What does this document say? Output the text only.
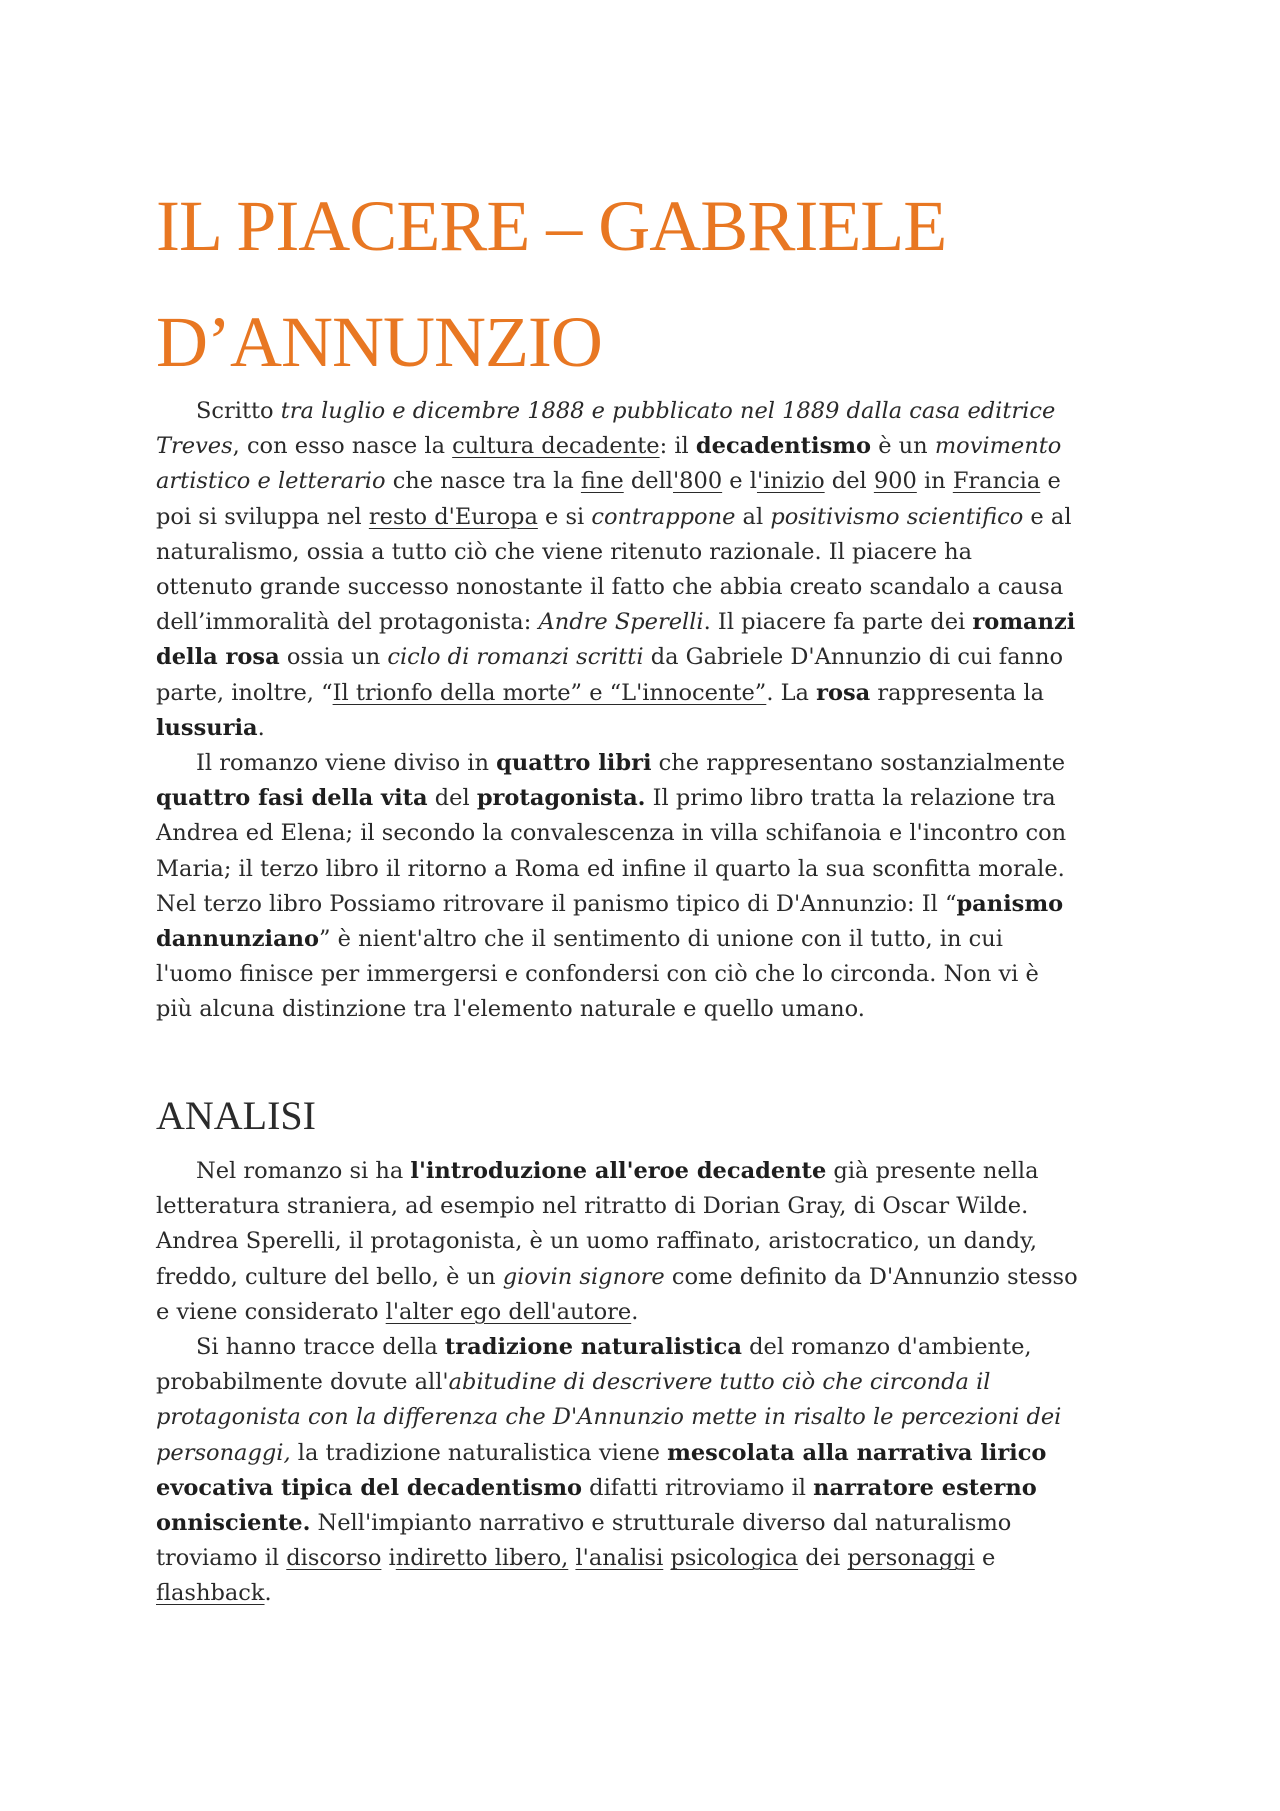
IL PIACERE – GABRIELE
D’ANNUNZIO
Scritto tra luglio e dicembre 1888 e pubblicato nel 1889 dalla casa editrice
Treves, con esso nasce la cultura decadente: il decadentismo è un movimento
artistico e letterario che nasce tra la fine dell'800 e l'inizio del 900 in Francia e
poi si sviluppa nel resto d'Europa e si contrappone al positivismo scientifico e al
naturalismo, ossia a tutto ciò che viene ritenuto razionale. Il piacere ha
ottenuto grande successo nonostante il fatto che abbia creato scandalo a causa
dell’immoralità del protagonista: Andre Sperelli. Il piacere fa parte dei romanzi
della rosa ossia un ciclo di romanzi scritti da Gabriele D'Annunzio di cui fanno
parte, inoltre, “Il trionfo della morte” e “L'innocente”. La rosa rappresenta la
lussuria.
Il romanzo viene diviso in quattro libri che rappresentano sostanzialmente
quattro fasi della vita del protagonista. Il primo libro tratta la relazione tra
Andrea ed Elena; il secondo la convalescenza in villa schifanoia e l'incontro con
Maria; il terzo libro il ritorno a Roma ed infine il quarto la sua sconfitta morale.
Nel terzo libro Possiamo ritrovare il panismo tipico di D'Annunzio: Il “panismo
dannunziano” è nient'altro che il sentimento di unione con il tutto, in cui
l'uomo finisce per immergersi e confondersi con ciò che lo circonda. Non vi è
più alcuna distinzione tra l'elemento naturale e quello umano.
ANALISI
Nel romanzo si ha l'introduzione all'eroe decadente già presente nella
letteratura straniera, ad esempio nel ritratto di Dorian Gray, di Oscar Wilde.
Andrea Sperelli, il protagonista, è un uomo raffinato, aristocratico, un dandy,
freddo, culture del bello, è un giovin signore come definito da D'Annunzio stesso
e viene considerato l'alter ego dell'autore.
Si hanno tracce della tradizione naturalistica del romanzo d'ambiente,
probabilmente dovute all'abitudine di descrivere tutto ciò che circonda il
protagonista con la differenza che D'Annunzio mette in risalto le percezioni dei
personaggi, la tradizione naturalistica viene mescolata alla narrativa lirico
evocativa tipica del decadentismo difatti ritroviamo il narratore esterno
onnisciente. Nell'impianto narrativo e strutturale diverso dal naturalismo
troviamo il discorso indiretto libero, l'analisi psicologica dei personaggi e
flashback.
